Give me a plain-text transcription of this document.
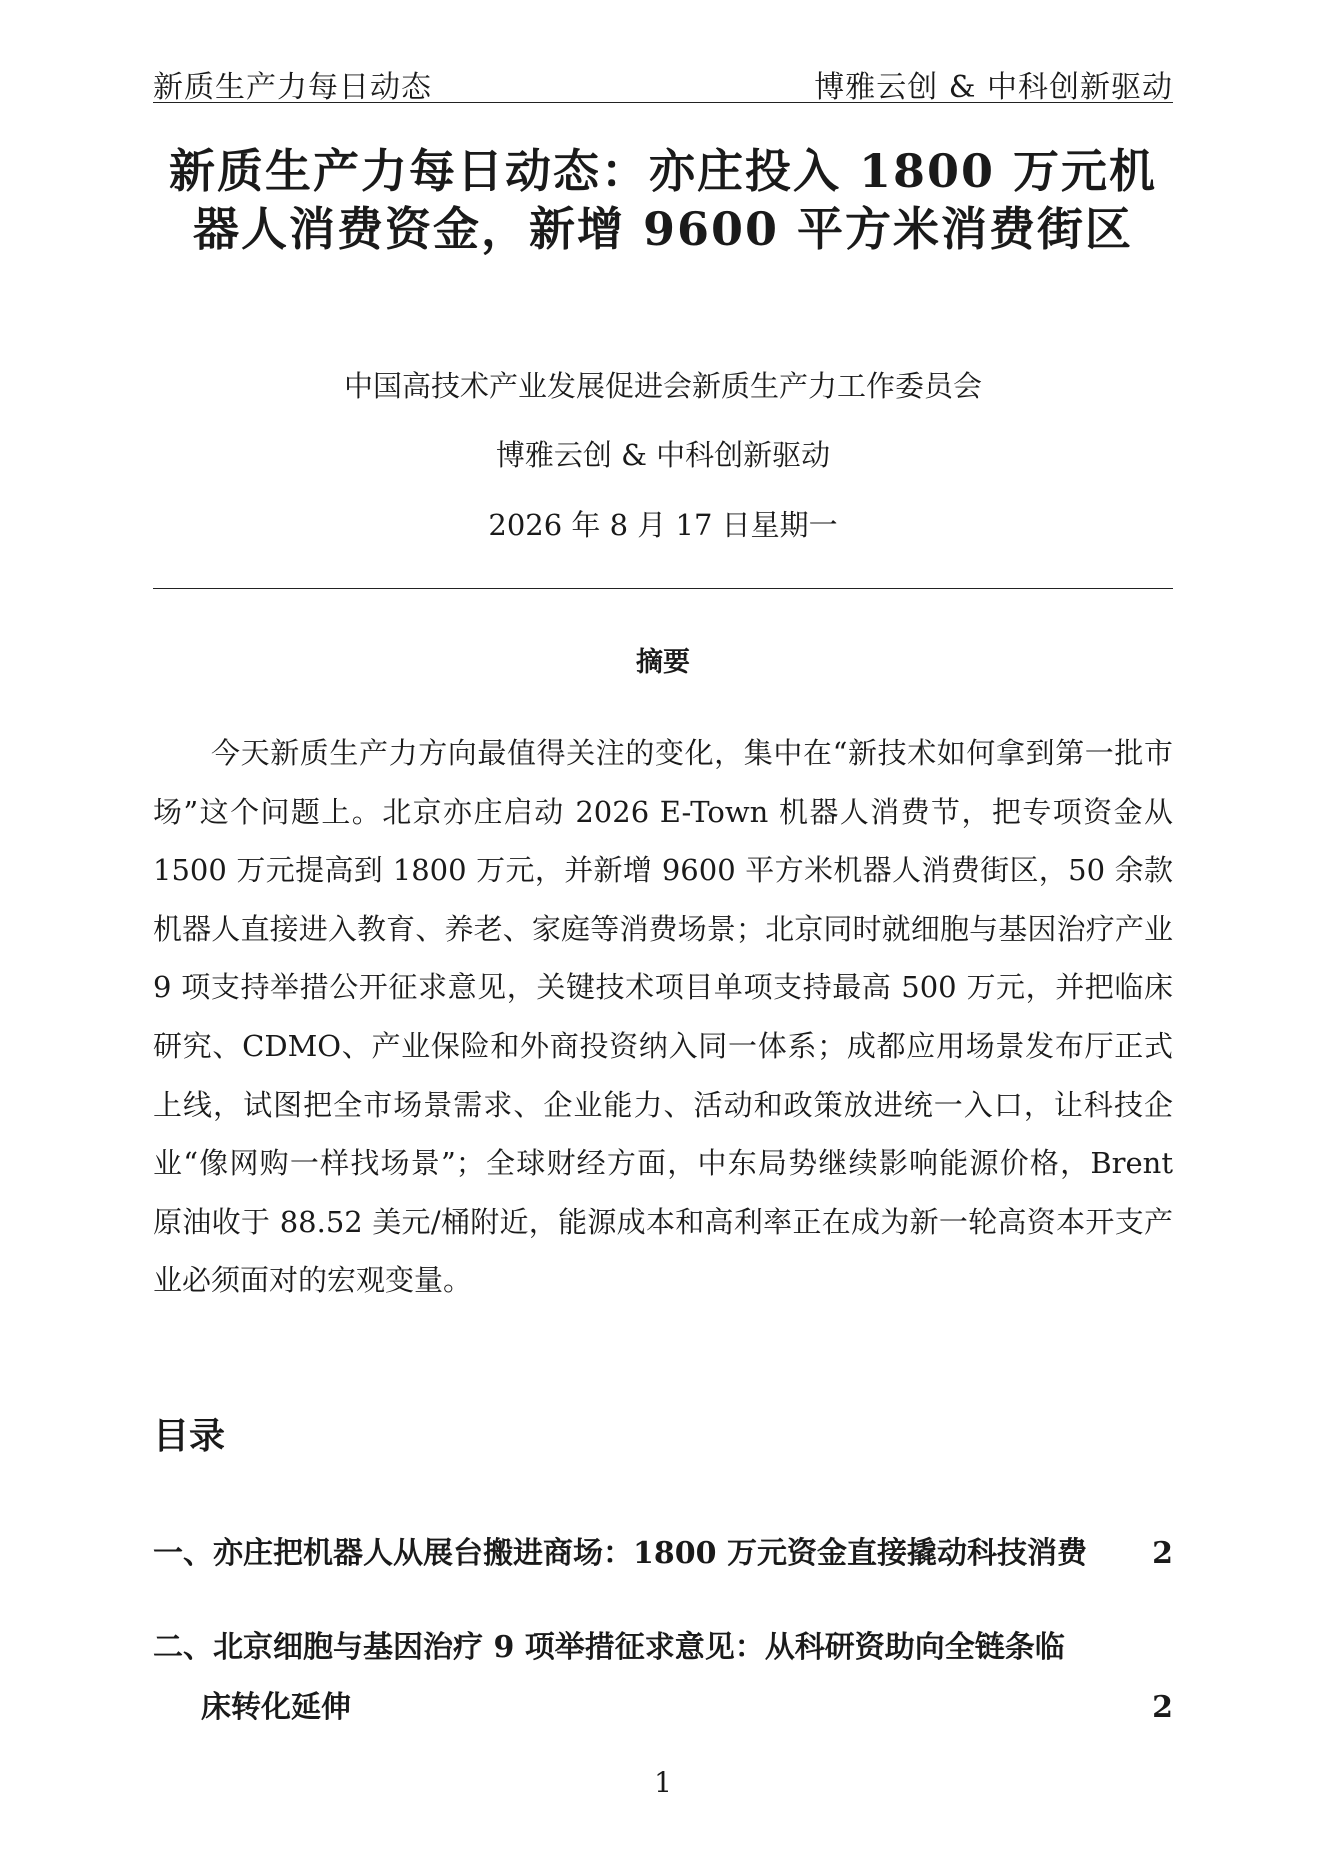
新质生产力每日动态	博雅云创 & 中科创新驱动
新质生产力每日动态：亦庄投入 1800 万元机器人消费资金，新增 9600 平方米消费街区
中国高技术产业发展促进会新质生产力工作委员会
博雅云创 & 中科创新驱动
2026 年 8 月 17 日星期一
摘要

今天新质生产力方向最值得关注的变化，集中在“新技术如何拿到第一批市场”这个问题上。北京亦庄启动 2026 E-Town 机器人消费节，把专项资金从 1500 万元提高到 1800 万元，并新增 9600 平方米机器人消费街区，50 余款机器人直接进入教育、养老、家庭等消费场景；北京同时就细胞与基因治疗产业 9 项支持举措公开征求意见，关键技术项目单项支持最高 500 万元，并把临床研究、CDMO、产业保险和外商投资纳入同一体系；成都应用场景发布厅正式上线，试图把全市场景需求、企业能力、活动和政策放进统一入口，让科技企业“像网购一样找场景”；全球财经方面，中东局势继续影响能源价格，Brent 原油收于 88.52 美元/桶附近，能源成本和高利率正在成为新一轮高资本开支产业必须面对的宏观变量。

目录
一、亦庄把机器人从展台搬进商场：1800 万元资金直接撬动科技消费	2
二、北京细胞与基因治疗 9 项举措征求意见：从科研资助向全链条临
床转化延伸	2
1
